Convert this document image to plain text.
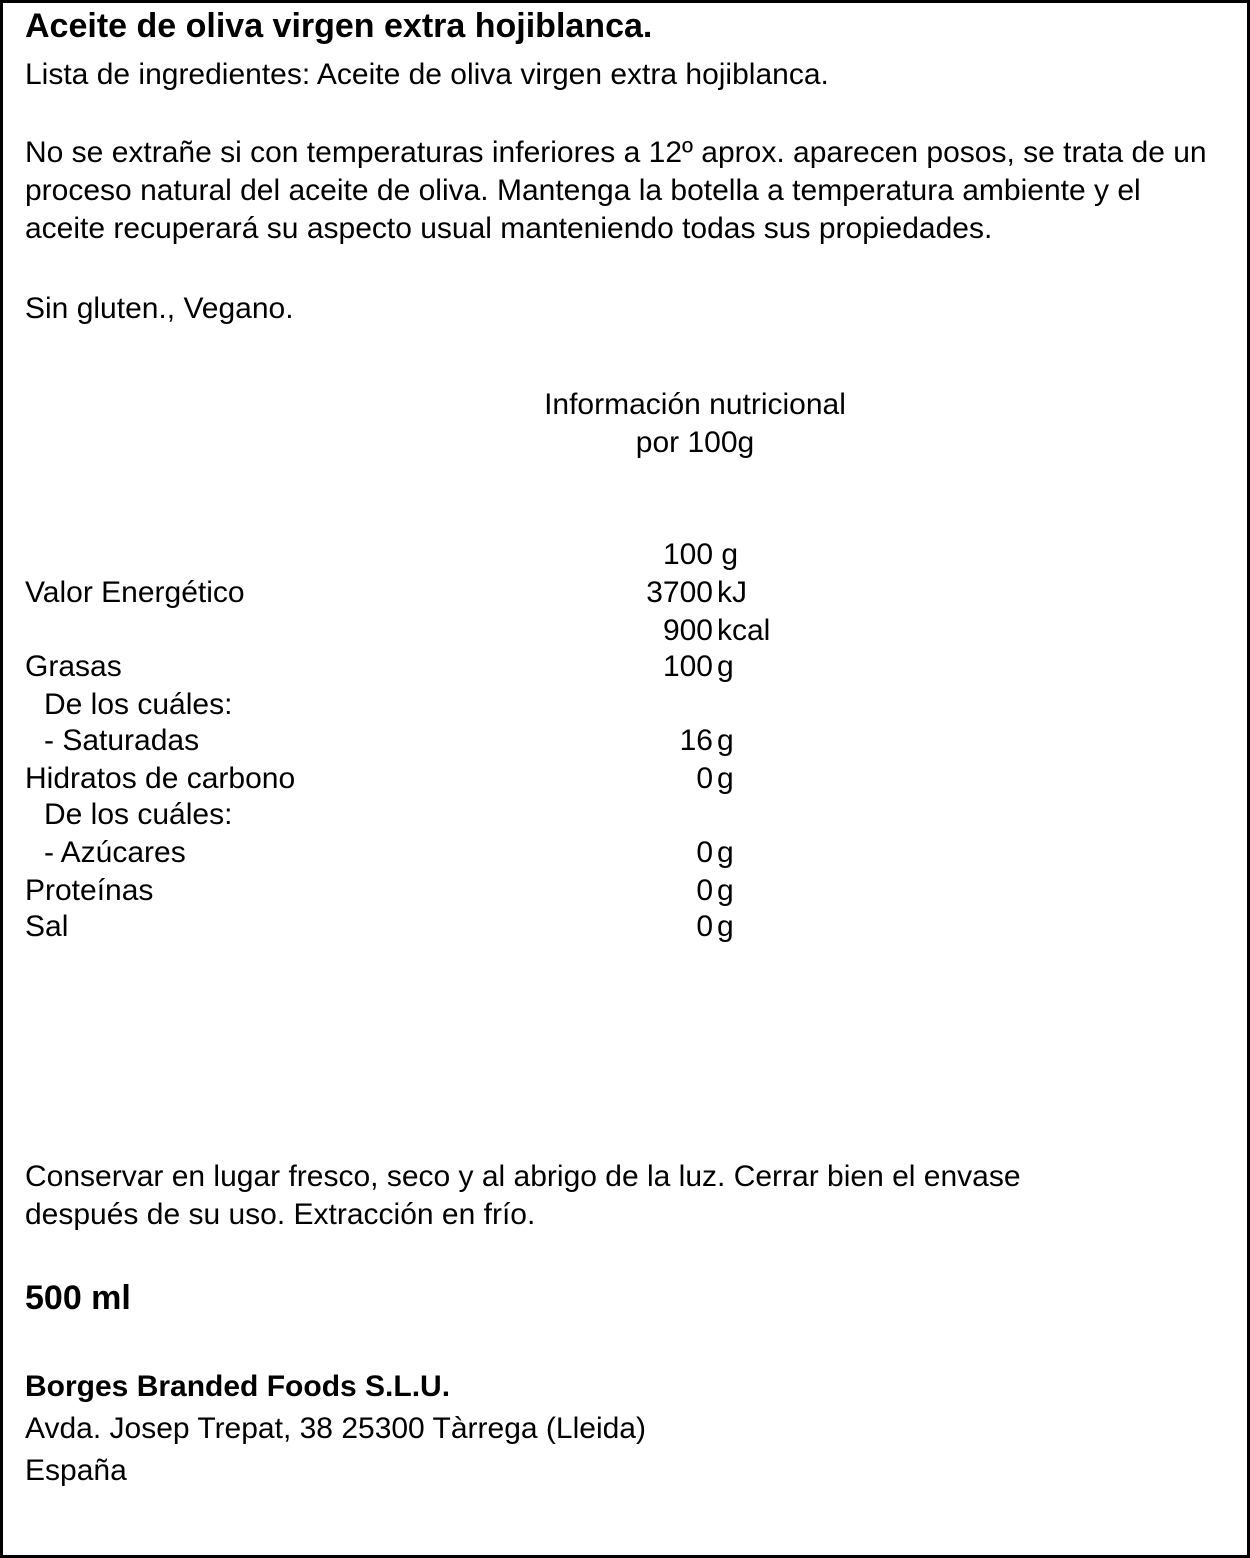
Aceite de oliva virgen extra hojiblanca.
Lista de ingredientes: Aceite de oliva virgen extra hojiblanca.
No se extrañe si con temperaturas inferiores a 12º aprox. aparecen posos, se trata de un proceso natural del aceite de oliva. Mantenga la botella a temperatura ambiente y el aceite recuperará su aspecto usual manteniendo todas sus propiedades.
Sin gluten., Vegano.
Información nutricional
por 100g
100 g
Valor Energético	3700 kJ
900 kcal
Grasas	100 g
De los cuáles:
- Saturadas	16 g
Hidratos de carbono	0 g
De los cuáles:
- Azúcares	0 g
Proteínas	0 g
Sal	0 g
Conservar en lugar fresco, seco y al abrigo de la luz. Cerrar bien el envase después de su uso. Extracción en frío.
500 ml
Borges Branded Foods S.L.U.
Avda. Josep Trepat, 38 25300 Tàrrega (Lleida)
España
